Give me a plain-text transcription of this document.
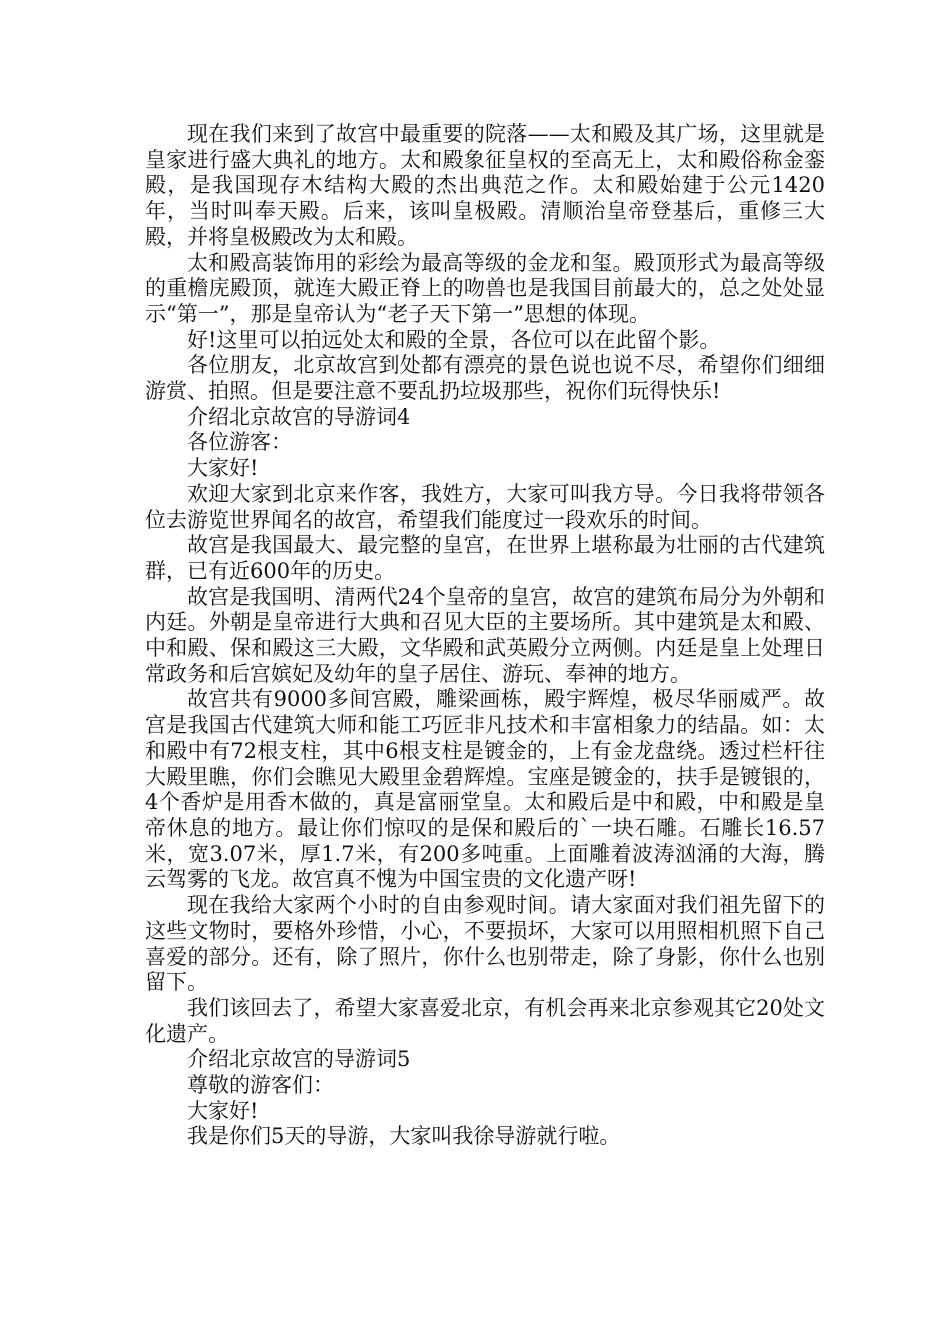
现在我们来到了故宫中最重要的院落——太和殿及其广场，这里就是皇家进行盛大典礼的地方。太和殿象征皇权的至高无上，太和殿俗称金銮殿，是我国现存木结构大殿的杰出典范之作。太和殿始建于公元1420年，当时叫奉天殿。后来，该叫皇极殿。清顺治皇帝登基后，重修三大殿，并将皇极殿改为太和殿。

太和殿高装饰用的彩绘为最高等级的金龙和玺。殿顶形式为最高等级的重檐庑殿顶，就连大殿正脊上的吻兽也是我国目前最大的，总之处处显示“第一”，那是皇帝认为“老子天下第一”思想的体现。

好!这里可以拍远处太和殿的全景，各位可以在此留个影。

各位朋友，北京故宫到处都有漂亮的景色说也说不尽，希望你们细细游赏、拍照。但是要注意不要乱扔垃圾那些，祝你们玩得快乐!

介绍北京故宫的导游词4

各位游客：

大家好!

欢迎大家到北京来作客，我姓方，大家可叫我方导。今日我将带领各位去游览世界闻名的故宫，希望我们能度过一段欢乐的时间。

故宫是我国最大、最完整的皇宫，在世界上堪称最为壮丽的古代建筑群，已有近600年的历史。

故宫是我国明、清两代24个皇帝的皇宫，故宫的建筑布局分为外朝和内廷。外朝是皇帝进行大典和召见大臣的主要场所。其中建筑是太和殿、中和殿、保和殿这三大殿，文华殿和武英殿分立两侧。内廷是皇上处理日常政务和后宫嫔妃及幼年的皇子居住、游玩、奉神的地方。

故宫共有9000多间宫殿，雕梁画栋，殿宇辉煌，极尽华丽威严。故宫是我国古代建筑大师和能工巧匠非凡技术和丰富相象力的结晶。如：太和殿中有72根支柱，其中6根支柱是镀金的，上有金龙盘绕。透过栏杆往大殿里瞧，你们会瞧见大殿里金碧辉煌。宝座是镀金的，扶手是镀银的，4个香炉是用香木做的，真是富丽堂皇。太和殿后是中和殿，中和殿是皇帝休息的地方。最让你们惊叹的是保和殿后的`一块石雕。石雕长16.57米，宽3.07米，厚1.7米，有200多吨重。上面雕着波涛汹涌的大海，腾云驾雾的飞龙。故宫真不愧为中国宝贵的文化遗产呀!

现在我给大家两个小时的自由参观时间。请大家面对我们祖先留下的这些文物时，要格外珍惜，小心，不要损坏，大家可以用照相机照下自己喜爱的部分。还有，除了照片，你什么也别带走，除了身影，你什么也别留下。

我们该回去了，希望大家喜爱北京，有机会再来北京参观其它20处文化遗产。

介绍北京故宫的导游词5

尊敬的游客们：

大家好!

我是你们5天的导游，大家叫我徐导游就行啦。
